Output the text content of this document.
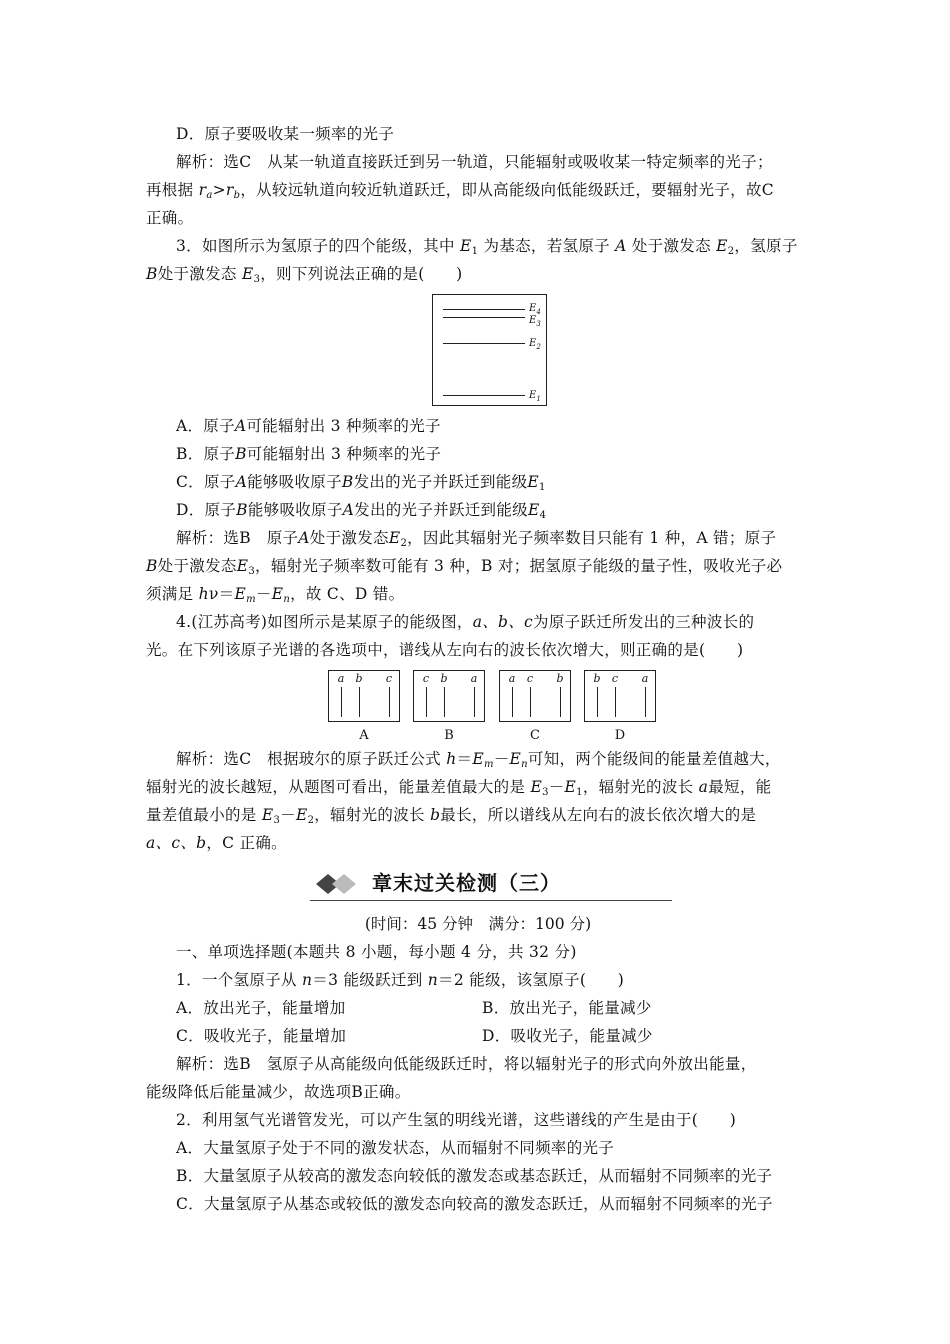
D．原子要吸收某一频率的光子
解析：选C　从某一轨道直接跃迁到另一轨道，只能辐射或吸收某一特定频率的光子；
再根据 $r_a>r_b$，从较远轨道向较近轨道跃迁，即从高能级向低能级跃迁，要辐射光子，故C
正确。
3．如图所示为氢原子的四个能级，其中 $E_1$ 为基态，若氢原子 A 处于激发态 $E_2$，氢原子
B处于激发态 $E_3$，则下列说法正确的是(　　)
$E_4$
$E_3$
$E_2$
$E_1$
A．原子A可能辐射出 3 种频率的光子
B．原子B可能辐射出 3 种频率的光子
C．原子A能够吸收原子B发出的光子并跃迁到能级$E_1$
D．原子B能够吸收原子A发出的光子并跃迁到能级$E_4$
解析：选B　原子A处于激发态$E_2$，因此其辐射光子频率数目只能有 1 种，A 错；原子
B处于激发态$E_3$，辐射光子频率数可能有 3 种，B 对；据氢原子能级的量子性，吸收光子必
须满足 $h\nu=E_m-E_n$，故 C、D 错。
4.(江苏高考)如图所示是某原子的能级图，a、b、c为原子跃迁所发出的三种波长的
光。在下列该原子光谱的各选项中，谱线从左向右的波长依次增大，则正确的是(　　)
a b c
A
c b a
B
a c b
C
b c a
D
解析：选C　根据玻尔的原子跃迁公式 $h=E_m-E_n$可知，两个能级间的能量差值越大，
辐射光的波长越短，从题图可看出，能量差值最大的是 $E_3-E_1$，辐射光的波长 a最短，能
量差值最小的是 $E_3-E_2$，辐射光的波长 b最长，所以谱线从左向右的波长依次增大的是
a、c、b，C 正确。
章末过关检测（三）
(时间：45 分钟　满分：100 分)
一、单项选择题(本题共 8 小题，每小题 4 分，共 32 分)
1．一个氢原子从 n＝3 能级跃迁到 n＝2 能级，该氢原子(　　)
A．放出光子，能量增加	B．放出光子，能量减少
C．吸收光子，能量增加	D．吸收光子，能量减少
解析：选B　氢原子从高能级向低能级跃迁时，将以辐射光子的形式向外放出能量，
能级降低后能量减少，故选项B正确。
2．利用氢气光谱管发光，可以产生氢的明线光谱，这些谱线的产生是由于(　　)
A．大量氢原子处于不同的激发状态，从而辐射不同频率的光子
B．大量氢原子从较高的激发态向较低的激发态或基态跃迁，从而辐射不同频率的光子
C．大量氢原子从基态或较低的激发态向较高的激发态跃迁，从而辐射不同频率的光子
